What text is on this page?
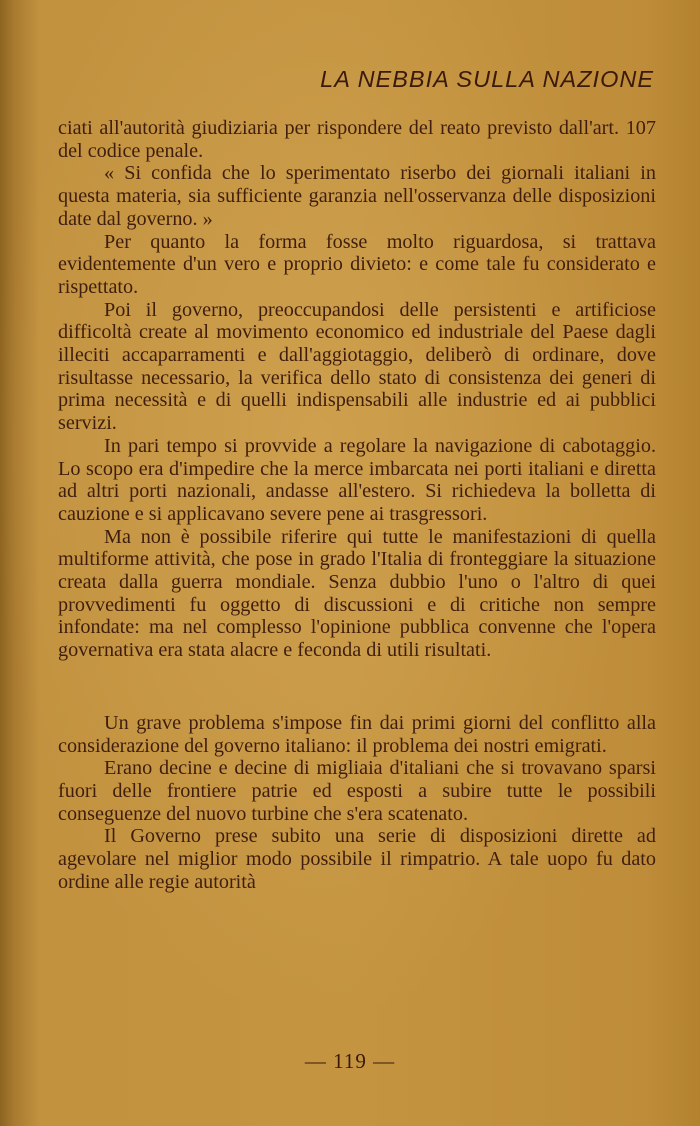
LA NEBBIA SULLA NAZIONE

ciati all'autorità giudiziaria per rispondere del reato previsto dall'art. 107 del codice penale.

« Si confida che lo sperimentato riserbo dei giornali italiani in questa materia, sia sufficiente garanzia nell'osservanza delle disposizioni date dal governo. »

Per quanto la forma fosse molto riguardosa, si trattava evidentemente d'un vero e proprio divieto: e come tale fu considerato e rispettato.

Poi il governo, preoccupandosi delle persistenti e artificiose difficoltà create al movimento economico ed industriale del Paese dagli illeciti accaparramenti e dall'aggiotaggio, deliberò di ordinare, dove risultasse necessario, la verifica dello stato di consistenza dei generi di prima necessità e di quelli indispensabili alle industrie ed ai pubblici servizi.

In pari tempo si provvide a regolare la navigazione di cabotaggio. Lo scopo era d'impedire che la merce imbarcata nei porti italiani e diretta ad altri porti nazionali, andasse all'estero. Si richiedeva la bolletta di cauzione e si applicavano severe pene ai trasgressori.

Ma non è possibile riferire qui tutte le manifestazioni di quella multiforme attività, che pose in grado l'Italia di fronteggiare la situazione creata dalla guerra mondiale. Senza dubbio l'uno o l'altro di quei provvedimenti fu oggetto di discussioni e di critiche non sempre infondate: ma nel complesso l'opinione pubblica convenne che l'opera governativa era stata alacre e feconda di utili risultati.

Un grave problema s'impose fin dai primi giorni del conflitto alla considerazione del governo italiano: il problema dei nostri emigrati.

Erano decine e decine di migliaia d'italiani che si trovavano sparsi fuori delle frontiere patrie ed esposti a subire tutte le possibili conseguenze del nuovo turbine che s'era scatenato.

Il Governo prese subito una serie di disposizioni dirette ad agevolare nel miglior modo possibile il rimpatrio. A tale uopo fu dato ordine alle regie autorità

— 119 —
